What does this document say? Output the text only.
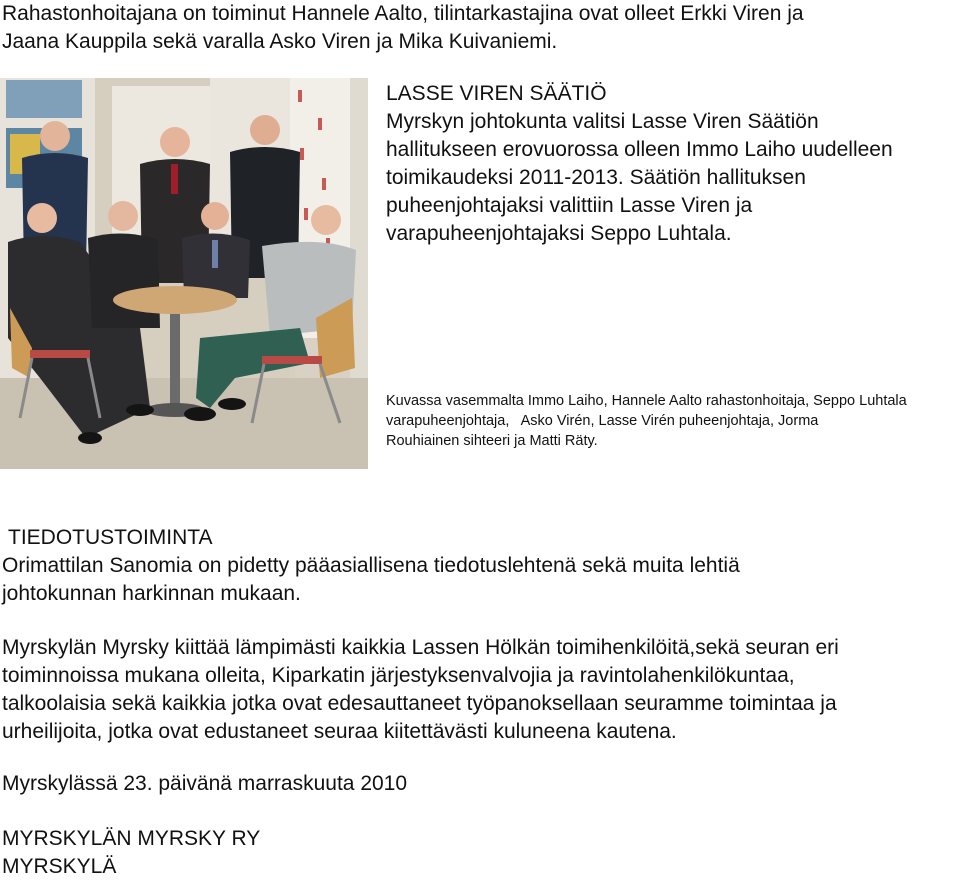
Rahastonhoitajana on toiminut Hannele Aalto, tilintarkastajina ovat olleet Erkki Viren ja
Jaana Kauppila sekä varalla Asko Viren ja Mika Kuivaniemi.
LASSE VIREN SÄÄTIÖ
Myrskyn johtokunta valitsi Lasse Viren Säätiön
hallitukseen erovuorossa olleen Immo Laiho uudelleen
toimikaudeksi 2011-2013. Säätiön hallituksen
puheenjohtajaksi valittiin Lasse Viren ja
varapuheenjohtajaksi Seppo Luhtala.
Kuvassa vasemmalta Immo Laiho, Hannele Aalto rahastonhoitaja, Seppo Luhtala
varapuheenjohtaja,   Asko Virén, Lasse Virén puheenjohtaja, Jorma
Rouhiainen sihteeri ja Matti Räty.
TIEDOTUSTOIMINTA
Orimattilan Sanomia on pidetty pääasiallisena tiedotuslehtenä sekä muita lehtiä
johtokunnan harkinnan mukaan.
Myrskylän Myrsky kiittää lämpimästi kaikkia Lassen Hölkän toimihenkilöitä,sekä seuran eri
toiminnoissa mukana olleita, Kiparkatin järjestyksenvalvojia ja ravintolahenkilökuntaa,
talkoolaisia sekä kaikkia jotka ovat edesauttaneet työpanoksellaan seuramme toimintaa ja
urheilijoita, jotka ovat edustaneet seuraa kiitettävästi kuluneena kautena.
Myrskylässä 23. päivänä marraskuuta 2010
MYRSKYLÄN MYRSKY RY
MYRSKYLÄ
